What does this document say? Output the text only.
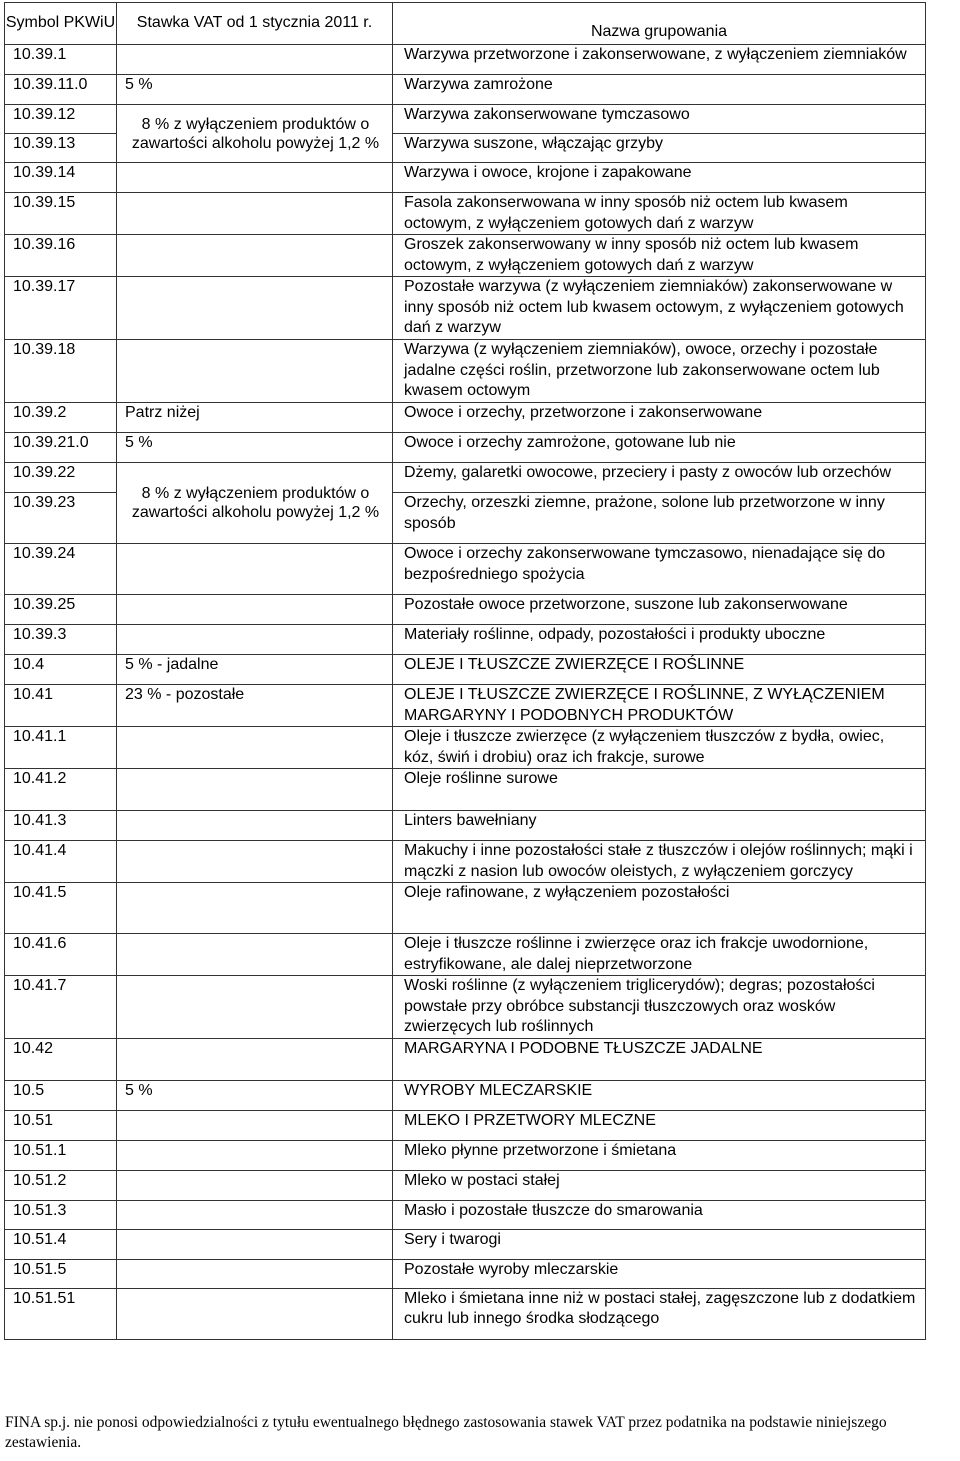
Symbol PKWiU	Stawka VAT od 1 stycznia 2011 r.	Nazwa grupowania
10.39.1		Warzywa przetworzone i zakonserwowane, z wyłączeniem ziemniaków
10.39.11.0	5 %	Warzywa zamrożone
10.39.12	8 % z wyłączeniem produktów o zawartości alkoholu powyżej 1,2 %	Warzywa zakonserwowane tymczasowo
10.39.13		Warzywa suszone, włączając grzyby
10.39.14		Warzywa i owoce, krojone i zapakowane
10.39.15		Fasola zakonserwowana w inny sposób niż octem lub kwasem octowym, z wyłączeniem gotowych dań z warzyw
10.39.16		Groszek zakonserwowany w inny sposób niż octem lub kwasem octowym, z wyłączeniem gotowych dań z warzyw
10.39.17		Pozostałe warzywa (z wyłączeniem ziemniaków) zakonserwowane w inny sposób niż octem lub kwasem octowym, z wyłączeniem gotowych dań z warzyw
10.39.18		Warzywa (z wyłączeniem ziemniaków), owoce, orzechy i pozostałe jadalne części roślin, przetworzone lub zakonserwowane octem lub kwasem octowym
10.39.2	Patrz niżej	Owoce i orzechy, przetworzone i zakonserwowane
10.39.21.0	5 %	Owoce i orzechy zamrożone, gotowane lub nie
10.39.22	8 % z wyłączeniem produktów o zawartości alkoholu powyżej 1,2 %	Dżemy, galaretki owocowe, przeciery i pasty z owoców lub orzechów
10.39.23		Orzechy, orzeszki ziemne, prażone, solone lub przetworzone w inny sposób
10.39.24		Owoce i orzechy zakonserwowane tymczasowo, nienadające się do bezpośredniego spożycia
10.39.25		Pozostałe owoce przetworzone, suszone lub zakonserwowane
10.39.3		Materiały roślinne, odpady, pozostałości i produkty uboczne
10.4	5 % - jadalne	OLEJE I TŁUSZCZE ZWIERZĘCE I ROŚLINNE
10.41	23 % - pozostałe	OLEJE I TŁUSZCZE ZWIERZĘCE I ROŚLINNE, Z WYŁĄCZENIEM MARGARYNY I PODOBNYCH PRODUKTÓW
10.41.1		Oleje i tłuszcze zwierzęce (z wyłączeniem tłuszczów z bydła, owiec, kóz, świń i drobiu) oraz ich frakcje, surowe
10.41.2		Oleje roślinne surowe
10.41.3		Linters bawełniany
10.41.4		Makuchy i inne pozostałości stałe z tłuszczów i olejów roślinnych; mąki i mączki z nasion lub owoców oleistych, z wyłączeniem gorczycy
10.41.5		Oleje rafinowane, z wyłączeniem pozostałości
10.41.6		Oleje i tłuszcze roślinne i zwierzęce oraz ich frakcje uwodornione, estryfikowane, ale dalej nieprzetworzone
10.41.7		Woski roślinne (z wyłączeniem triglicerydów); degras; pozostałości powstałe przy obróbce substancji tłuszczowych oraz wosków zwierzęcych lub roślinnych
10.42		MARGARYNA I PODOBNE TŁUSZCZE JADALNE
10.5	5 %	WYROBY MLECZARSKIE
10.51		MLEKO I PRZETWORY MLECZNE
10.51.1		Mleko płynne przetworzone i śmietana
10.51.2		Mleko w postaci stałej
10.51.3		Masło i pozostałe tłuszcze do smarowania
10.51.4		Sery i twarogi
10.51.5		Pozostałe wyroby mleczarskie
10.51.51		Mleko i śmietana inne niż w postaci stałej, zagęszczone lub z dodatkiem cukru lub innego środka słodzącego
FINA sp.j. nie ponosi odpowiedzialności z tytułu ewentualnego błędnego zastosowania stawek VAT przez podatnika na podstawie niniejszego zestawienia.
